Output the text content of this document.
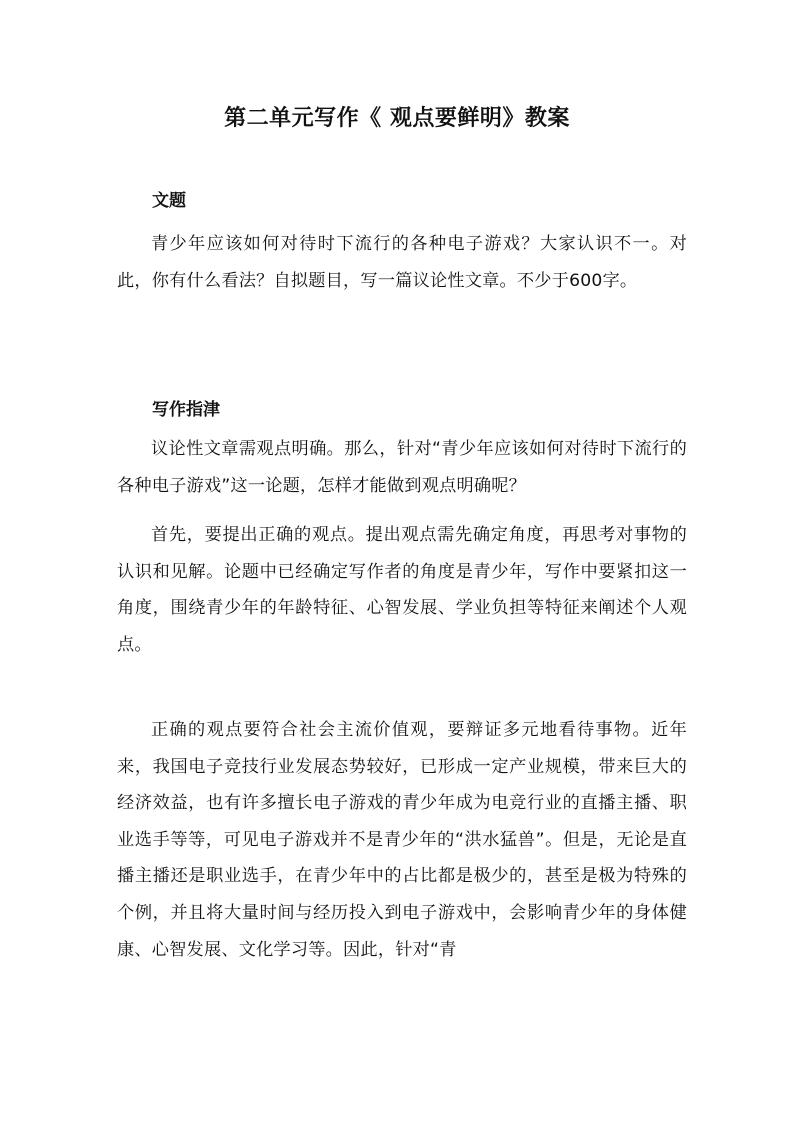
第二单元写作《 观点要鲜明》教案
文题
青少年应该如何对待时下流行的各种电子游戏？大家认识不一。对此，你有什么看法？自拟题目，写一篇议论性文章。不少于600字。
写作指津
议论性文章需观点明确。那么，针对“青少年应该如何对待时下流行的各种电子游戏”这一论题，怎样才能做到观点明确呢？
首先，要提出正确的观点。提出观点需先确定角度，再思考对事物的认识和见解。论题中已经确定写作者的角度是青少年，写作中要紧扣这一角度，围绕青少年的年龄特征、心智发展、学业负担等特征来阐述个人观点。
正确的观点要符合社会主流价值观，要辩证多元地看待事物。近年来，我国电子竞技行业发展态势较好，已形成一定产业规模，带来巨大的经济效益，也有许多擅长电子游戏的青少年成为电竞行业的直播主播、职业选手等等，可见电子游戏并不是青少年的“洪水猛兽”。但是，无论是直播主播还是职业选手，在青少年中的占比都是极少的，甚至是极为特殊的个例，并且将大量时间与经历投入到电子游戏中，会影响青少年的身体健康、心智发展、文化学习等。因此，针对“青
